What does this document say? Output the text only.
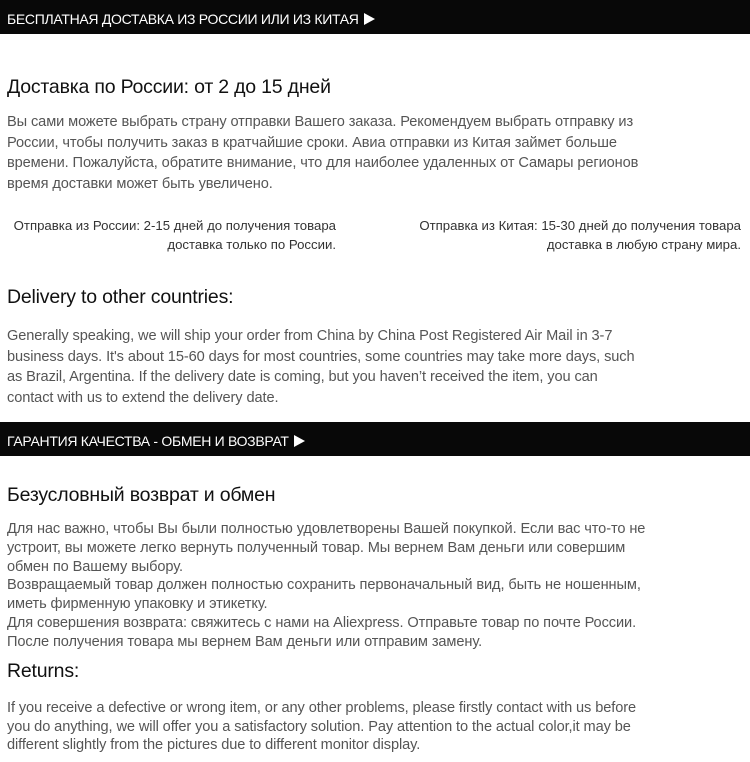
БЕСПЛАТНАЯ ДОСТАВКА ИЗ РОССИИ ИЛИ ИЗ КИТАЯ
Доставка по России: от 2 до 15 дней
Вы сами можете выбрать страну отправки Вашего заказа. Рекомендуем выбрать отправку из
России, чтобы получить заказ в кратчайшие сроки. Авиа отправки из Китая займет больше
времени. Пожалуйста, обратите внимание, что для наиболее удаленных от Самары регионов
время доставки может быть увеличено.
Отправка из России: 2-15 дней до получения товара
доставка только по России.
Отправка из Китая: 15-30 дней до получения товара
доставка в любую страну мира.
Delivery to other countries:
Generally speaking, we will ship your order from China by China Post Registered Air Mail in 3-7
business days. It's about 15-60 days for most countries, some countries may take more days, such
as Brazil, Argentina. If the delivery date is coming, but you haven’t received the item, you can
contact with us to extend the delivery date.
ГАРАНТИЯ КАЧЕСТВА - ОБМЕН И ВОЗВРАТ
Безусловный возврат и обмен
Для нас важно, чтобы Вы были полностью удовлетворены Вашей покупкой. Если вас что-то не
устроит, вы можете легко вернуть полученный товар. Мы вернем Вам деньги или совершим
обмен по Вашему выбору.
Возвращаемый товар должен полностью сохранить первоначальный вид, быть не ношенным,
иметь фирменную упаковку и этикетку.
Для совершения возврата: свяжитесь с нами на Aliexpress. Отправьте товар по почте России.
После получения товара мы вернем Вам деньги или отправим замену.
Returns:
If you receive a defective or wrong item, or any other problems, please firstly contact with us before
you do anything, we will offer you a satisfactory solution. Pay attention to the actual color,it may be
different slightly from the pictures due to different monitor display.
